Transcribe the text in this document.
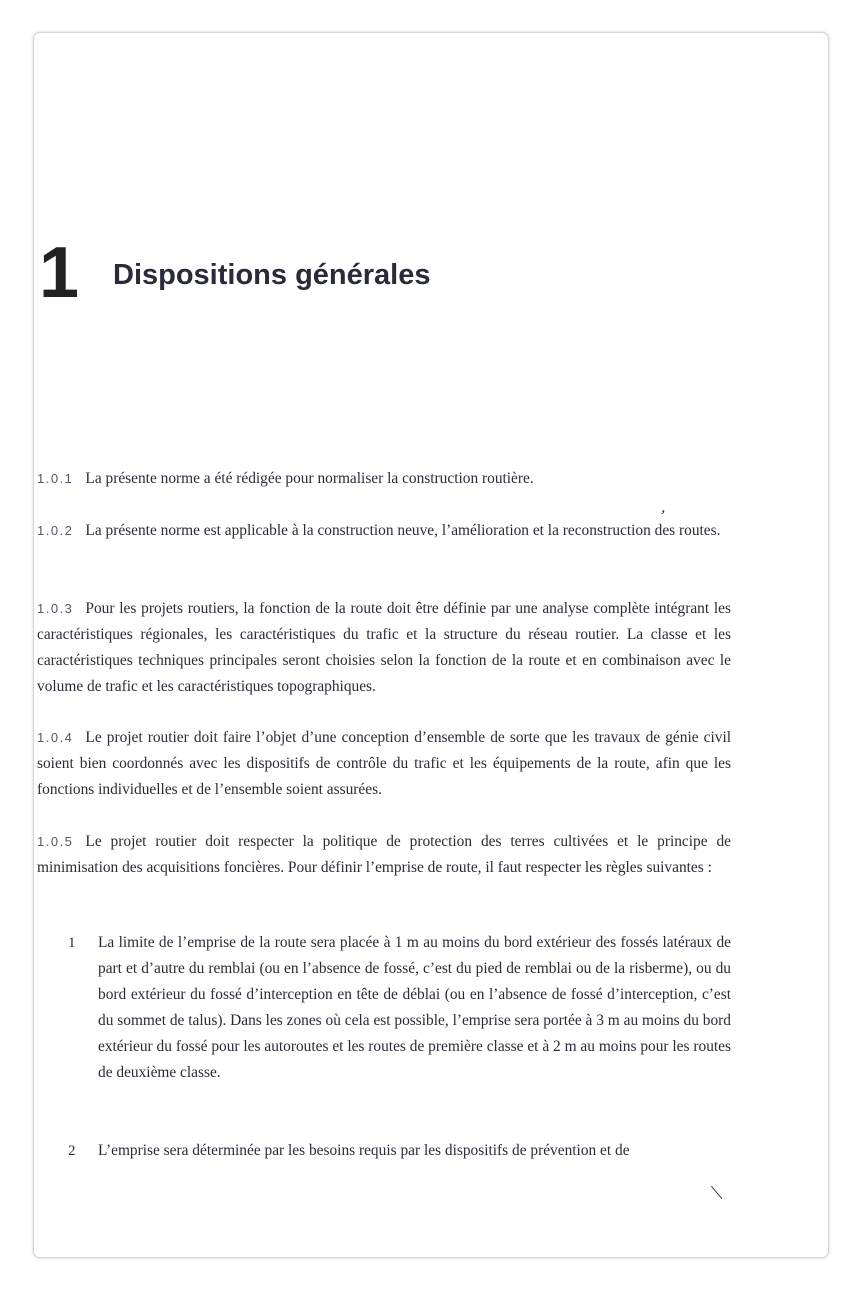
1 Dispositions générales
1.0.1 La présente norme a été rédigée pour normaliser la construction routière.
1.0.2 La présente norme est applicable à la construction neuve, l’amélioration et la reconstruction des routes.
1.0.3 Pour les projets routiers, la fonction de la route doit être définie par une analyse complète intégrant les caractéristiques régionales, les caractéristiques du trafic et la structure du réseau routier. La classe et les caractéristiques techniques principales seront choisies selon la fonction de la route et en combinaison avec le volume de trafic et les caractéristiques topographiques.
1.0.4 Le projet routier doit faire l’objet d’une conception d’ensemble de sorte que les travaux de génie civil soient bien coordonnés avec les dispositifs de contrôle du trafic et les équipements de la route, afin que les fonctions individuelles et de l’ensemble soient assurées.
1.0.5 Le projet routier doit respecter la politique de protection des terres cultivées et le principe de minimisation des acquisitions foncières. Pour définir l’emprise de route, il faut respecter les règles suivantes :
1 La limite de l’emprise de la route sera placée à 1 m au moins du bord extérieur des fossés latéraux de part et d’autre du remblai (ou en l’absence de fossé, c’est du pied de remblai ou de la risberme), ou du bord extérieur du fossé d’interception en tête de déblai (ou en l’absence de fossé d’interception, c’est du sommet de talus). Dans les zones où cela est possible, l’emprise sera portée à 3 m au moins du bord extérieur du fossé pour les autoroutes et les routes de première classe et à 2 m au moins pour les routes de deuxième classe.
2 L’emprise sera déterminée par les besoins requis par les dispositifs de prévention et de
,
|
